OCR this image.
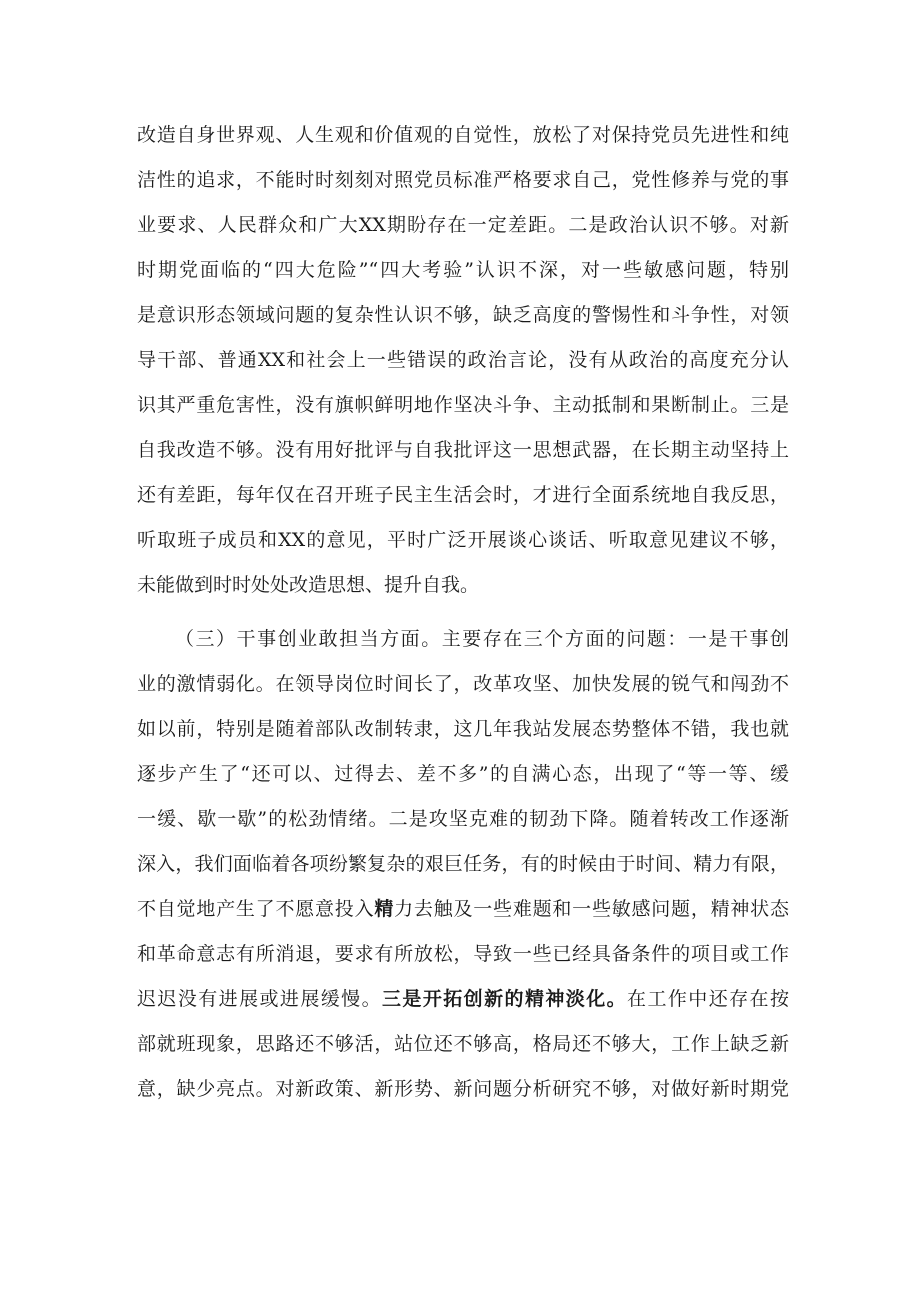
改造自身世界观、人生观和价值观的自觉性，放松了对保持党员先进性和纯
洁性的追求，不能时时刻刻对照党员标准严格要求自己，党性修养与党的事
业要求、人民群众和广大XX期盼存在一定差距。二是政治认识不够。对新
时期党面临的“四大危险”“四大考验”认识不深，对一些敏感问题，特别
是意识形态领域问题的复杂性认识不够，缺乏高度的警惕性和斗争性，对领
导干部、普通XX和社会上一些错误的政治言论，没有从政治的高度充分认
识其严重危害性，没有旗帜鲜明地作坚决斗争、主动抵制和果断制止。三是
自我改造不够。没有用好批评与自我批评这一思想武器，在长期主动坚持上
还有差距，每年仅在召开班子民主生活会时，才进行全面系统地自我反思，
听取班子成员和XX的意见，平时广泛开展谈心谈话、听取意见建议不够，
未能做到时时处处改造思想、提升自我。
（三）干事创业敢担当方面。主要存在三个方面的问题：一是干事创
业的激情弱化。在领导岗位时间长了，改革攻坚、加快发展的锐气和闯劲不
如以前，特别是随着部队改制转隶，这几年我站发展态势整体不错，我也就
逐步产生了“还可以、过得去、差不多”的自满心态，出现了“等一等、缓
一缓、歇一歇”的松劲情绪。二是攻坚克难的韧劲下降。随着转改工作逐渐
深入，我们面临着各项纷繁复杂的艰巨任务，有的时候由于时间、精力有限，
不自觉地产生了不愿意投入精力去触及一些难题和一些敏感问题，精神状态
和革命意志有所消退，要求有所放松，导致一些已经具备条件的项目或工作
迟迟没有进展或进展缓慢。三是开拓创新的精神淡化。在工作中还存在按
部就班现象，思路还不够活，站位还不够高，格局还不够大，工作上缺乏新
意，缺少亮点。对新政策、新形势、新问题分析研究不够，对做好新时期党
